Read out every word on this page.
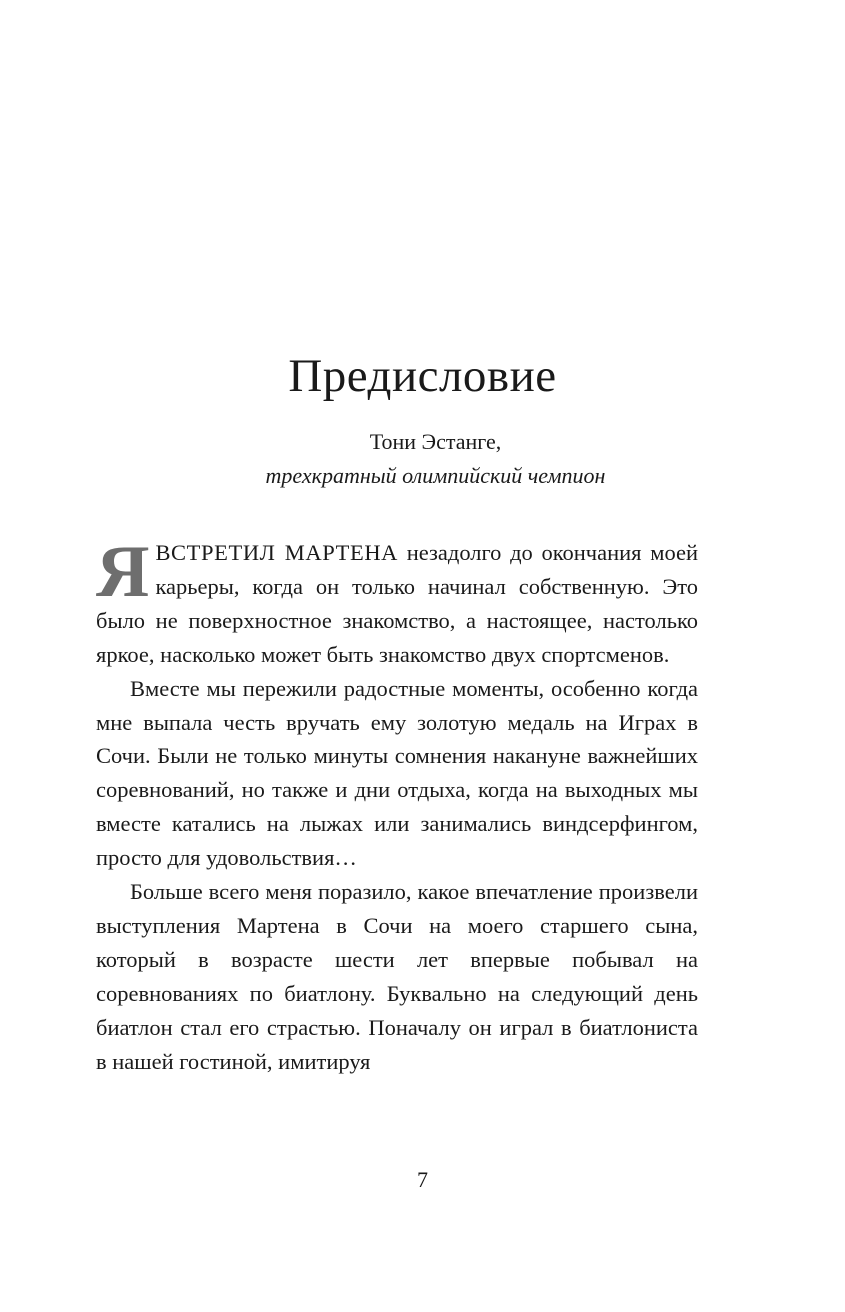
Предисловие
Тони Эстанге,
трехкратный олимпийский чемпион

ЯВСТРЕТИЛ МАРТЕНА незадолго до окончания моей карьеры, когда он только начинал собственную. Это было не поверхностное знакомство, а настоящее, настолько яркое, насколько может быть знакомство двух спортсменов.

Вместе мы пережили радостные моменты, особенно когда мне выпала честь вручать ему золотую медаль на Играх в Сочи. Были не только минуты сомнения накануне важнейших соревнований, но также и дни отдыха, когда на выходных мы вместе катались на лыжах или занимались виндсерфингом, просто для удовольствия…

Больше всего меня поразило, какое впечатление произвели выступления Мартена в Сочи на моего старшего сына, который в возрасте шести лет впервые побывал на соревнованиях по биатлону. Буквально на следующий день биатлон стал его страстью. Поначалу он играл в биатлониста в нашей гостиной, имитируя

7
